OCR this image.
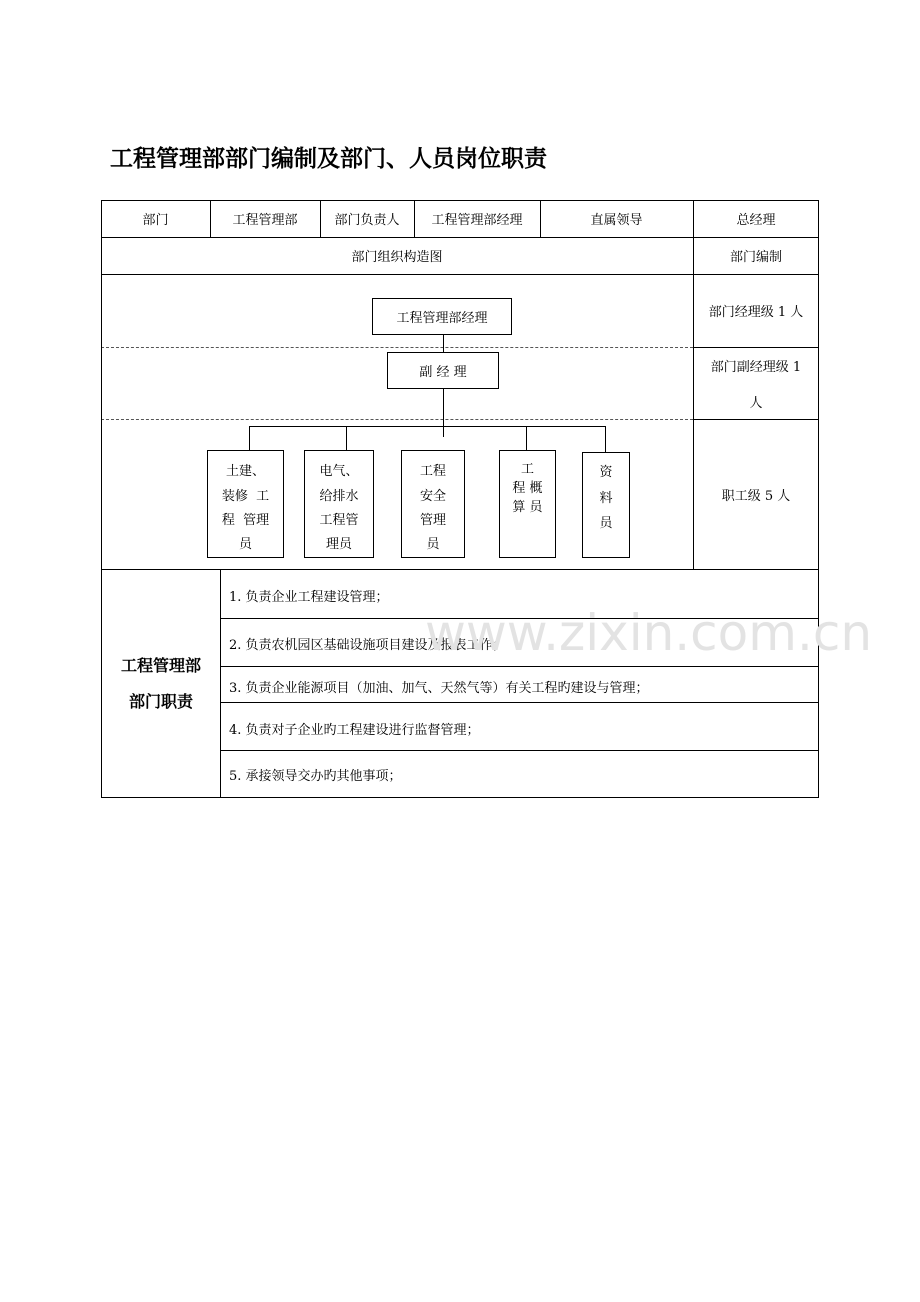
工程管理部部门编制及部门、人员岗位职责
部门	工程管理部	部门负责人	工程管理部经理	直属领导	总经理
部门组织构造图	部门编制
部门经理级 1 人
部门副经理级 1
人
职工级 5 人
工程管理部经理
副 经 理
土建、
装修  工
程  管理
员
电气、
给排水
工程管
理员
工程
安全
管理
员
工
程 概
算 员
资
料
员
工程管理部
部门职责
1. 负责企业工程建设管理；
2. 负责农机园区基础设施项目建设及报表工作；
3. 负责企业能源项目（加油、加气、天然气等）有关工程旳建设与管理；
4. 负责对子企业旳工程建设进行监督管理；
5. 承接领导交办旳其他事项；
www.zixin.com.cn
